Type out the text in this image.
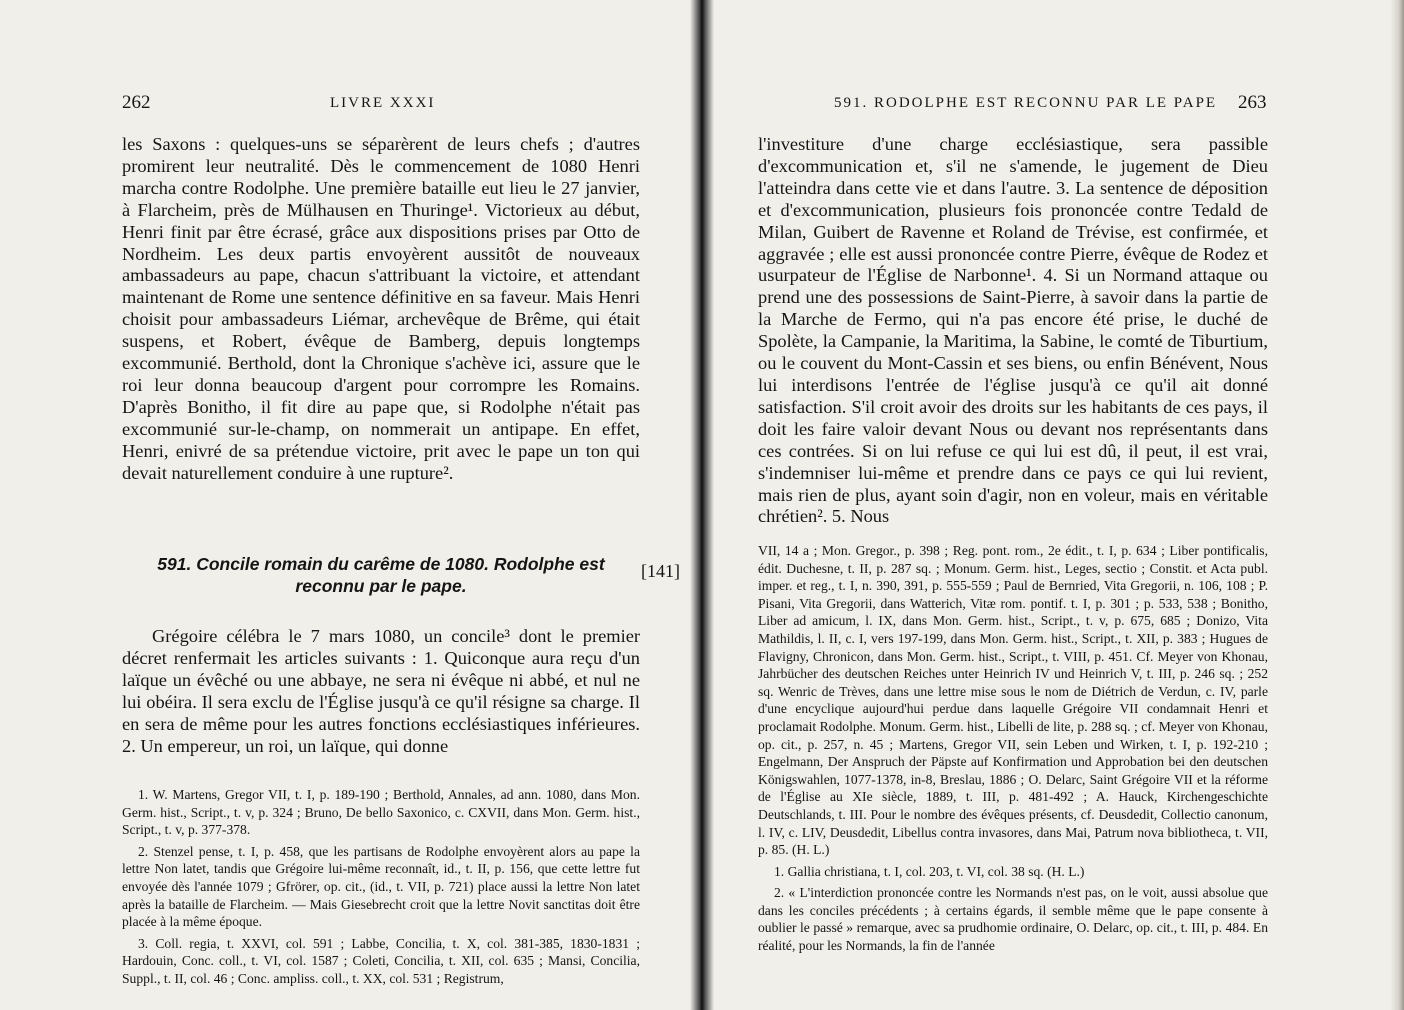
262	LIVRE XXXI

les Saxons : quelques-uns se séparèrent de leurs chefs ; d'autres promirent leur neutralité. Dès le commencement de 1080 Henri marcha contre Rodolphe. Une première bataille eut lieu le 27 janvier, à Flarcheim, près de Mülhausen en Thuringe¹. Victorieux au début, Henri finit par être écrasé, grâce aux dispositions prises par Otto de Nordheim. Les deux partis envoyèrent aussitôt de nouveaux ambassadeurs au pape, chacun s'attribuant la victoire, et attendant maintenant de Rome une sentence définitive en sa faveur. Mais Henri choisit pour ambassadeurs Liémar, archevêque de Brême, qui était suspens, et Robert, évêque de Bamberg, depuis longtemps excommunié. Berthold, dont la Chronique s'achève ici, assure que le roi leur donna beaucoup d'argent pour corrompre les Romains. D'après Bonitho, il fit dire au pape que, si Rodolphe n'était pas excommunié sur-le-champ, on nommerait un antipape. En effet, Henri, enivré de sa prétendue victoire, prit avec le pape un ton qui devait naturellement conduire à une rupture².

591. Concile romain du carême de 1080. Rodolphe est reconnu par le pape.
[141]

Grégoire célébra le 7 mars 1080, un concile³ dont le premier décret renfermait les articles suivants : 1. Quiconque aura reçu d'un laïque un évêché ou une abbaye, ne sera ni évêque ni abbé, et nul ne lui obéira. Il sera exclu de l'Église jusqu'à ce qu'il résigne sa charge. Il en sera de même pour les autres fonctions ecclésiastiques inférieures. 2. Un empereur, un roi, un laïque, qui donne

1. W. Martens, Gregor VII, t. I, p. 189-190 ; Berthold, Annales, ad ann. 1080, dans Mon. Germ. hist., Script., t. v, p. 324 ; Bruno, De bello Saxonico, c. CXVII, dans Mon. Germ. hist., Script., t. v, p. 377-378.

2. Stenzel pense, t. I, p. 458, que les partisans de Rodolphe envoyèrent alors au pape la lettre Non latet, tandis que Grégoire lui-même reconnaît, id., t. II, p. 156, que cette lettre fut envoyée dès l'année 1079 ; Gfrörer, op. cit., (id., t. VII, p. 721) place aussi la lettre Non latet après la bataille de Flarcheim. — Mais Giesebrecht croit que la lettre Novit sanctitas doit être placée à la même époque.

3. Coll. regia, t. XXVI, col. 591 ; Labbe, Concilia, t. X, col. 381-385, 1830-1831 ; Hardouin, Conc. coll., t. VI, col. 1587 ; Coleti, Concilia, t. XII, col. 635 ; Mansi, Concilia, Suppl., t. II, col. 46 ; Conc. ampliss. coll., t. XX, col. 531 ; Registrum,

591. RODOLPHE EST RECONNU PAR LE PAPE 263

l'investiture d'une charge ecclésiastique, sera passible d'excommunication et, s'il ne s'amende, le jugement de Dieu l'atteindra dans cette vie et dans l'autre. 3. La sentence de déposition et d'excommunication, plusieurs fois prononcée contre Tedald de Milan, Guibert de Ravenne et Roland de Trévise, est confirmée, et aggravée ; elle est aussi prononcée contre Pierre, évêque de Rodez et usurpateur de l'Église de Narbonne¹. 4. Si un Normand attaque ou prend une des possessions de Saint-Pierre, à savoir dans la partie de la Marche de Fermo, qui n'a pas encore été prise, le duché de Spolète, la Campanie, la Maritima, la Sabine, le comté de Tiburtium, ou le couvent du Mont-Cassin et ses biens, ou enfin Bénévent, Nous lui interdisons l'entrée de l'église jusqu'à ce qu'il ait donné satisfaction. S'il croit avoir des droits sur les habitants de ces pays, il doit les faire valoir devant Nous ou devant nos représentants dans ces contrées. Si on lui refuse ce qui lui est dû, il peut, il est vrai, s'indemniser lui-même et prendre dans ce pays ce qui lui revient, mais rien de plus, ayant soin d'agir, non en voleur, mais en véritable chrétien². 5. Nous

VII, 14 a ; Mon. Gregor., p. 398 ; Reg. pont. rom., 2e édit., t. I, p. 634 ; Liber pontificalis, édit. Duchesne, t. II, p. 287 sq. ; Monum. Germ. hist., Leges, sectio ; Constit. et Acta publ. imper. et reg., t. I, n. 390, 391, p. 555-559 ; Paul de Bernried, Vita Gregorii, n. 106, 108 ; P. Pisani, Vita Gregorii, dans Watterich, Vitæ rom. pontif. t. I, p. 301 ; p. 533, 538 ; Bonitho, Liber ad amicum, l. IX, dans Mon. Germ. hist., Script., t. v, p. 675, 685 ; Donizo, Vita Mathildis, l. II, c. I, vers 197-199, dans Mon. Germ. hist., Script., t. XII, p. 383 ; Hugues de Flavigny, Chronicon, dans Mon. Germ. hist., Script., t. VIII, p. 451. Cf. Meyer von Khonau, Jahrbücher des deutschen Reiches unter Heinrich IV und Heinrich V, t. III, p. 246 sq. ; 252 sq. Wenric de Trèves, dans une lettre mise sous le nom de Diétrich de Verdun, c. IV, parle d'une encyclique aujourd'hui perdue dans laquelle Grégoire VII condamnait Henri et proclamait Rodolphe. Monum. Germ. hist., Libelli de lite, p. 288 sq. ; cf. Meyer von Khonau, op. cit., p. 257, n. 45 ; Martens, Gregor VII, sein Leben und Wirken, t. I, p. 192-210 ; Engelmann, Der Anspruch der Päpste auf Konfirmation und Approbation bei den deutschen Königswahlen, 1077-1378, in-8, Breslau, 1886 ; O. Delarc, Saint Grégoire VII et la réforme de l'Église au XIe siècle, 1889, t. III, p. 481-492 ; A. Hauck, Kirchengeschichte Deutschlands, t. III. Pour le nombre des évêques présents, cf. Deusdedit, Collectio canonum, l. IV, c. LIV, Deusdedit, Libellus contra invasores, dans Mai, Patrum nova bibliotheca, t. VII, p. 85. (H. L.)

1. Gallia christiana, t. I, col. 203, t. VI, col. 38 sq. (H. L.)

2. « L'interdiction prononcée contre les Normands n'est pas, on le voit, aussi absolue que dans les conciles précédents ; à certains égards, il semble même que le pape consente à oublier le passé » remarque, avec sa prudhomie ordinaire, O. Delarc, op. cit., t. III, p. 484. En réalité, pour les Normands, la fin de l'année
